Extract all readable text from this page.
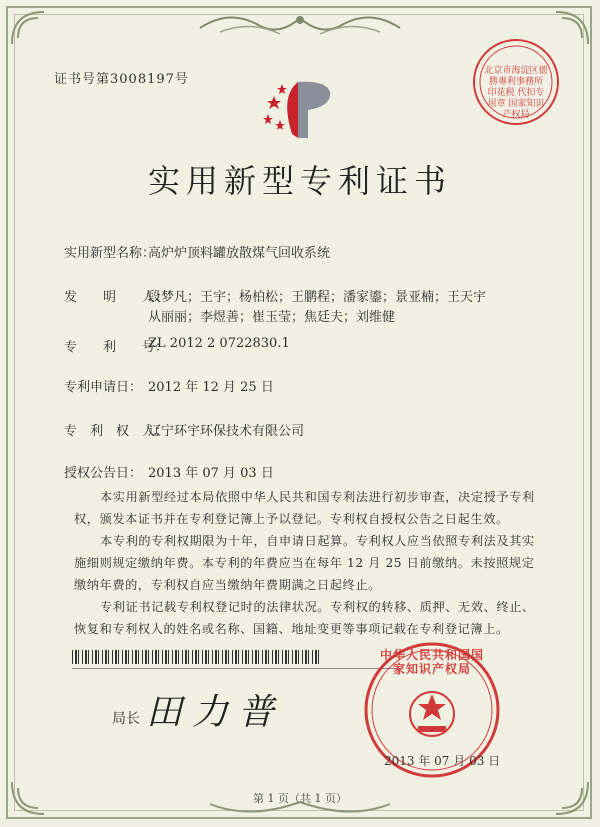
证书号第3008197号
北京市海淀区德勝專利事務所 印花税 代扣专用章 国家知识产权局
实用新型专利证书
实用新型名称：
高炉炉顶料罐放散煤气回收系统
发　　明　　人：
段梦凡；王宇；杨柏松；王鹏程；潘家鎏；景亚楠；王天宇
从丽丽；李煜善；崔玉莹；焦廷夫；刘维健
专　　利　　号：
ZL 2012 2 0722830.1
专利申请日： 2012 年 12 月 25 日
专　利　权　人：
辽宁环宇环保技术有限公司
授权公告日： 2013 年 07 月 03 日

本实用新型经过本局依照中华人民共和国专利法进行初步审查，决定授予专利权，颁发本证书并在专利登记簿上予以登记。专利权自授权公告之日起生效。

本专利的专利权期限为十年，自申请日起算。专利权人应当依照专利法及其实施细则规定缴纳年费。本专利的年费应当在每年 12 月 25 日前缴纳。未按照规定缴纳年费的，专利权自应当缴纳年费期满之日起终止。

专利证书记载专利权登记时的法律状况。专利权的转移、质押、无效、终止、恢复和专利权人的姓名或名称、国籍、地址变更等事项记载在专利登记簿上。

局长 田力普
中华人民共和国国家知识产权局
2013 年 07 月 03 日
第 1 页（共 1 页）
